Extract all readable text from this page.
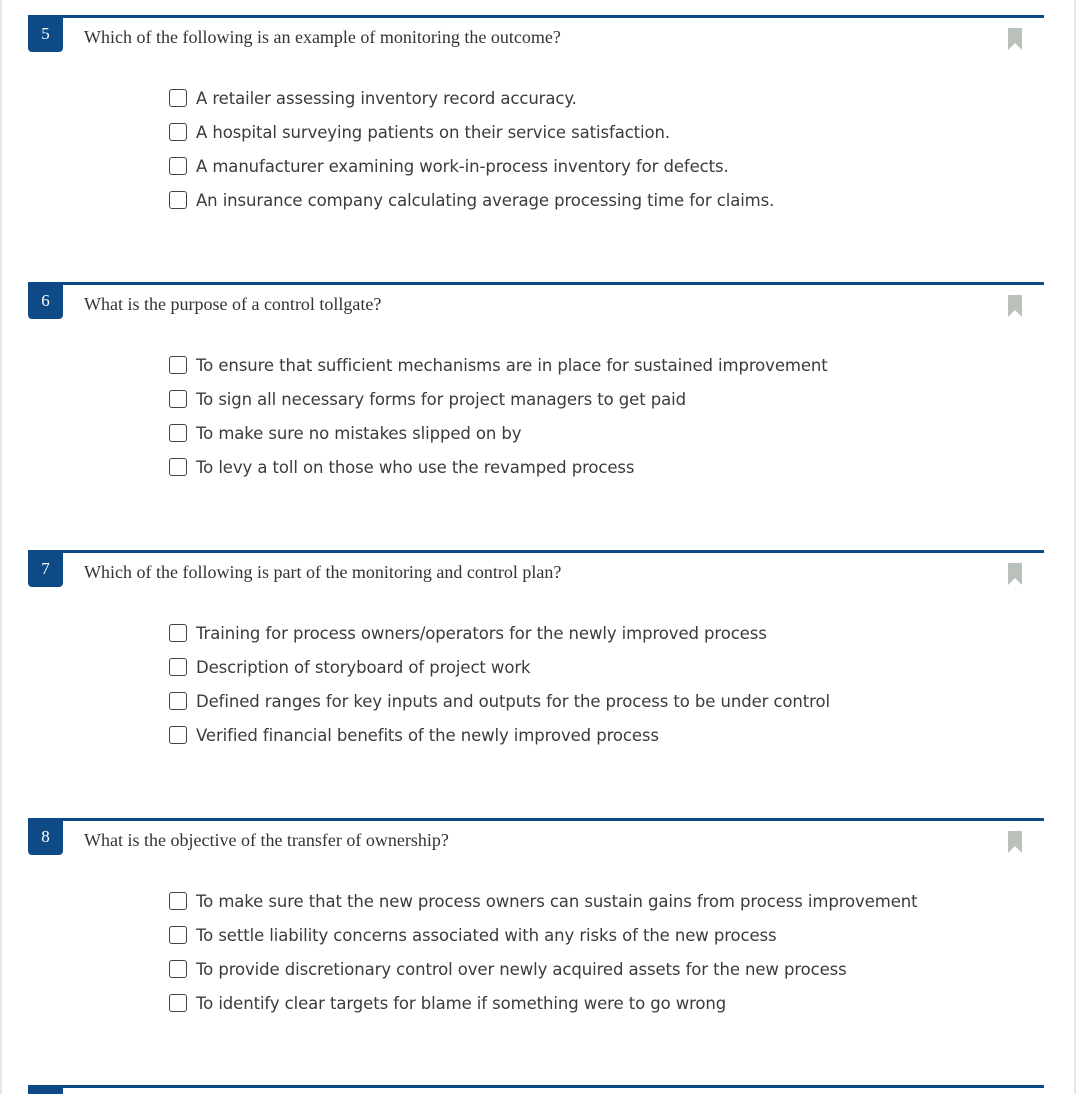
5	Which of the following is an example of monitoring the outcome?
A retailer assessing inventory record accuracy.
A hospital surveying patients on their service satisfaction.
A manufacturer examining work-in-process inventory for defects.
An insurance company calculating average processing time for claims.
6	What is the purpose of a control tollgate?
To ensure that sufficient mechanisms are in place for sustained improvement
To sign all necessary forms for project managers to get paid
To make sure no mistakes slipped on by
To levy a toll on those who use the revamped process
7	Which of the following is part of the monitoring and control plan?
Training for process owners/operators for the newly improved process
Description of storyboard of project work
Defined ranges for key inputs and outputs for the process to be under control
Verified financial benefits of the newly improved process
8	What is the objective of the transfer of ownership?
To make sure that the new process owners can sustain gains from process improvement
To settle liability concerns associated with any risks of the new process
To provide discretionary control over newly acquired assets for the new process
To identify clear targets for blame if something were to go wrong
